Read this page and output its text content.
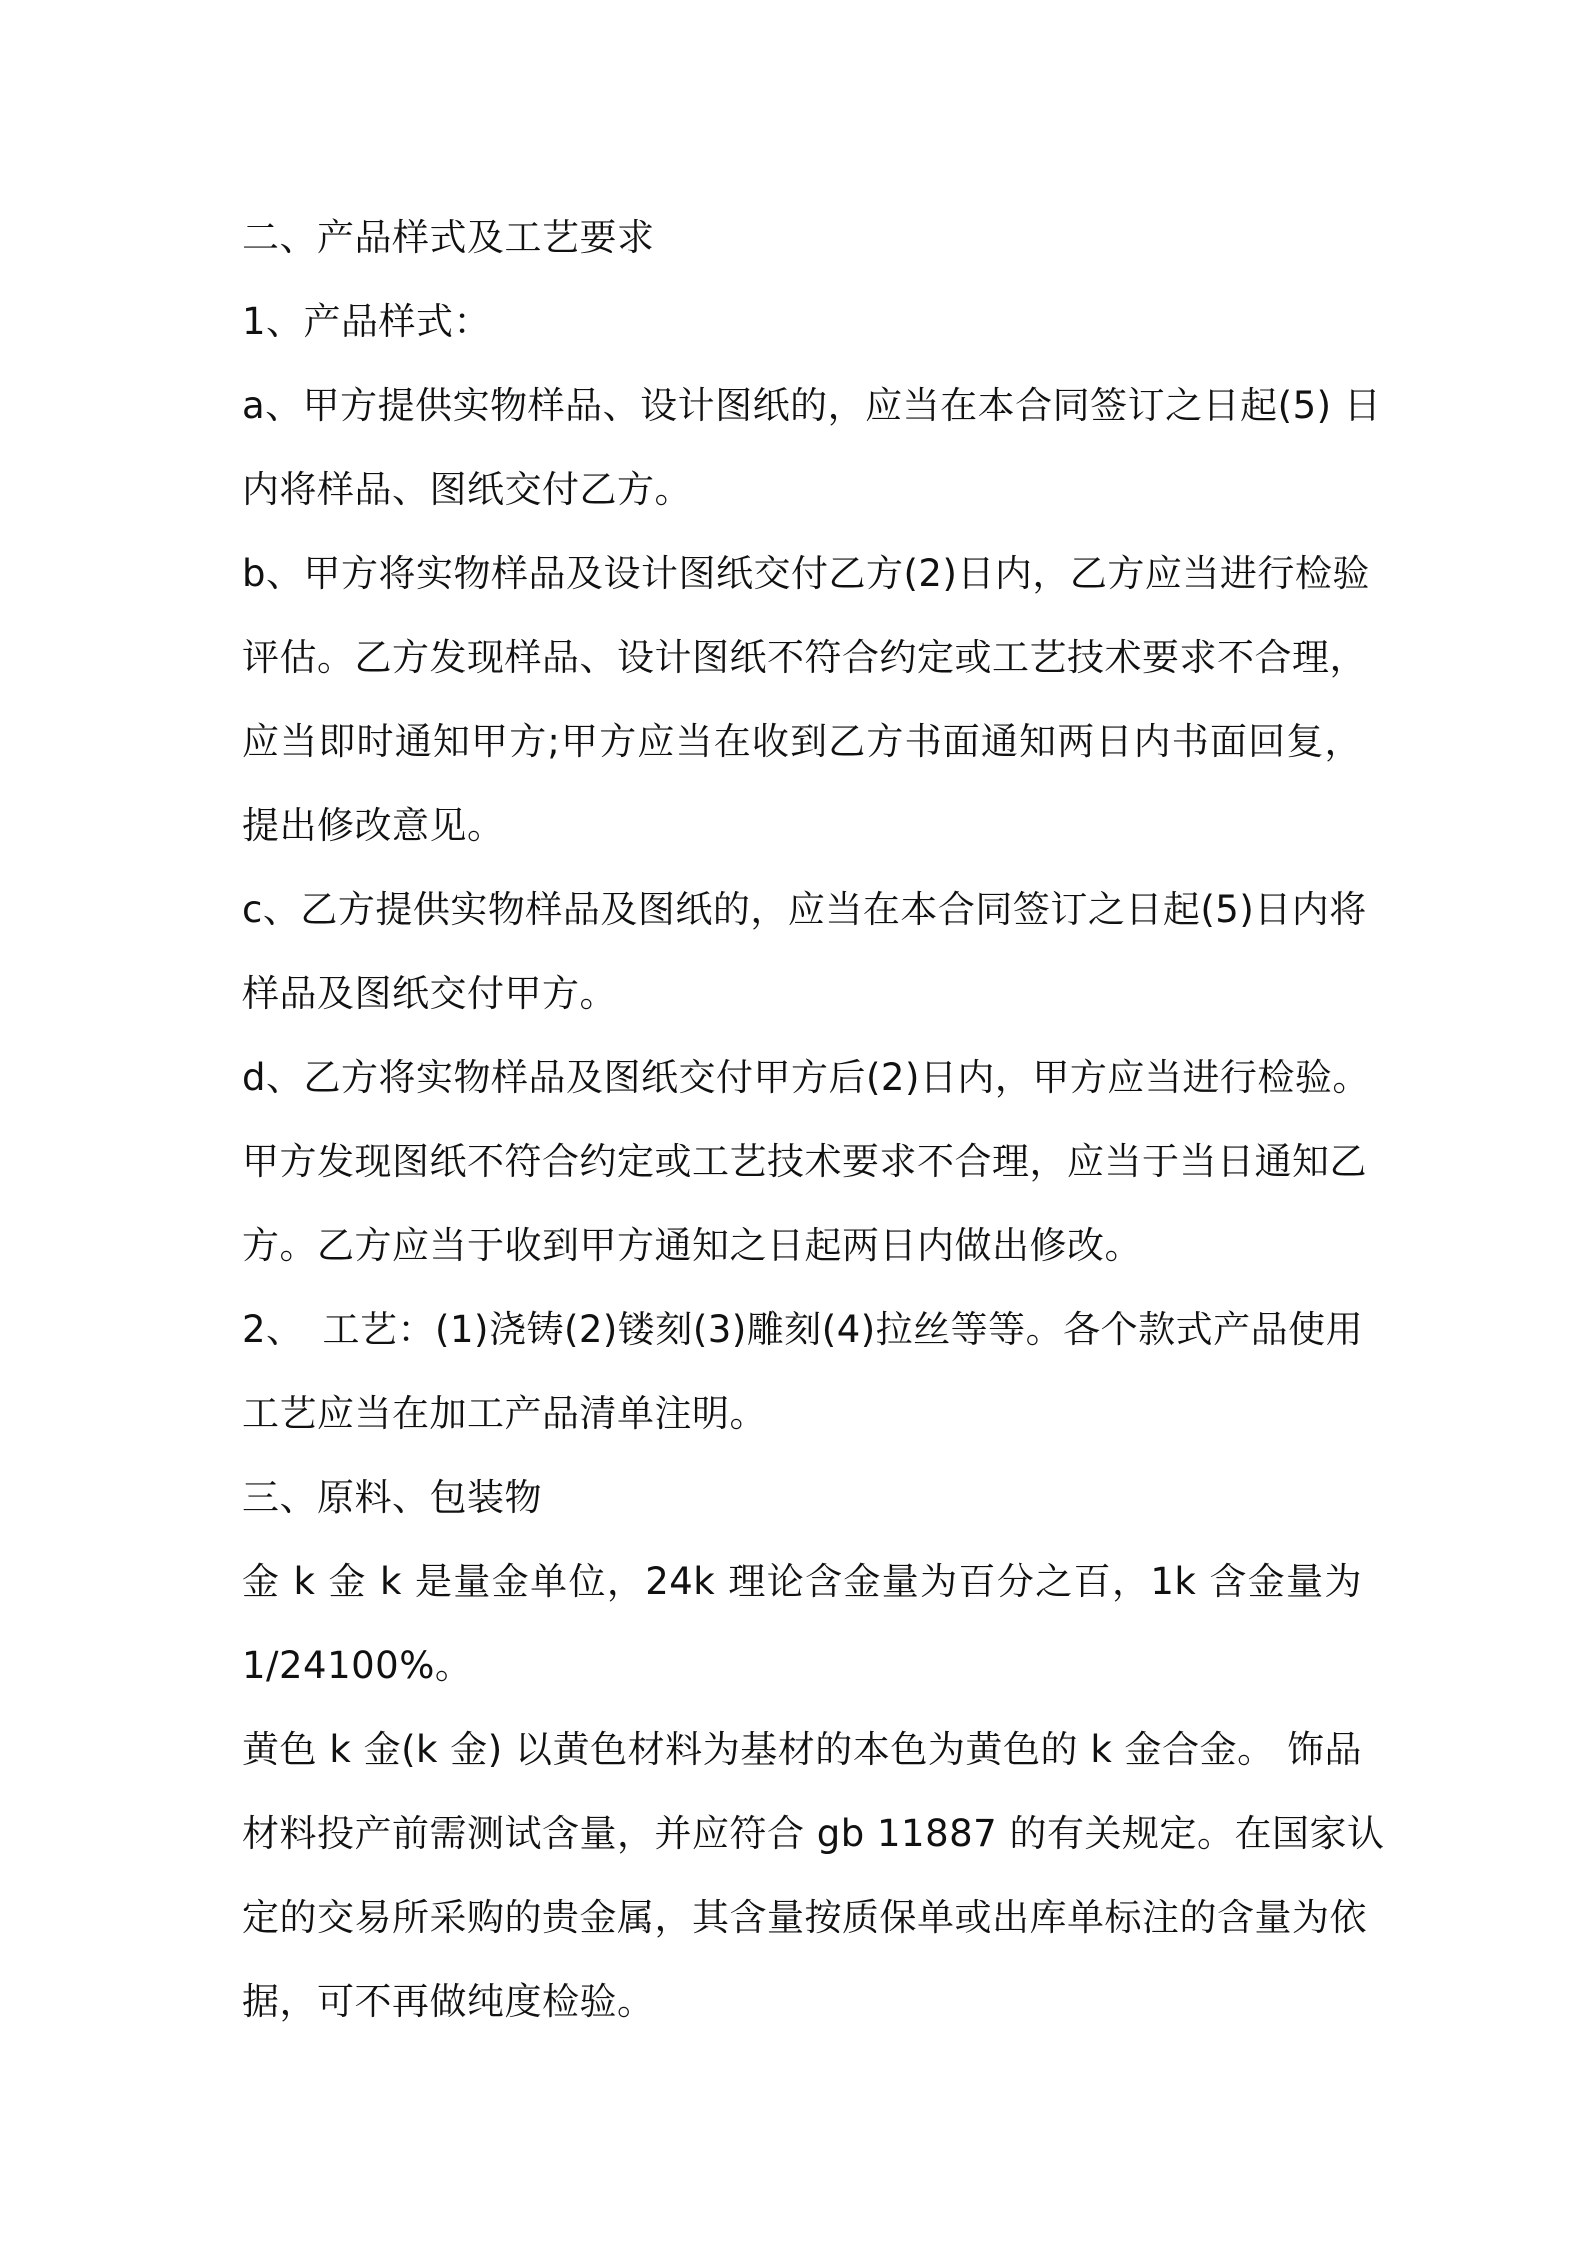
二、产品样式及工艺要求
1、产品样式：
a、甲方提供实物样品、设计图纸的，应当在本合同签订之日起(5) 日
内将样品、图纸交付乙方。
b、甲方将实物样品及设计图纸交付乙方(2)日内，乙方应当进行检验
评估。乙方发现样品、设计图纸不符合约定或工艺技术要求不合理，
应当即时通知甲方;甲方应当在收到乙方书面通知两日内书面回复，
提出修改意见。
c、乙方提供实物样品及图纸的，应当在本合同签订之日起(5)日内将
样品及图纸交付甲方。
d、乙方将实物样品及图纸交付甲方后(2)日内，甲方应当进行检验。
甲方发现图纸不符合约定或工艺技术要求不合理，应当于当日通知乙
方。乙方应当于收到甲方通知之日起两日内做出修改。
2、　工艺：(1)浇铸(2)镂刻(3)雕刻(4)拉丝等等。各个款式产品使用
工艺应当在加工产品清单注明。
三、原料、包装物
金 k 金 k 是量金单位，24k 理论含金量为百分之百，1k 含金量为
1/24100%。
黄色 k 金(k 金) 以黄色材料为基材的本色为黄色的 k 金合金。 饰品
材料投产前需测试含量，并应符合 gb 11887 的有关规定。在国家认
定的交易所采购的贵金属，其含量按质保单或出库单标注的含量为依
据，可不再做纯度检验。
